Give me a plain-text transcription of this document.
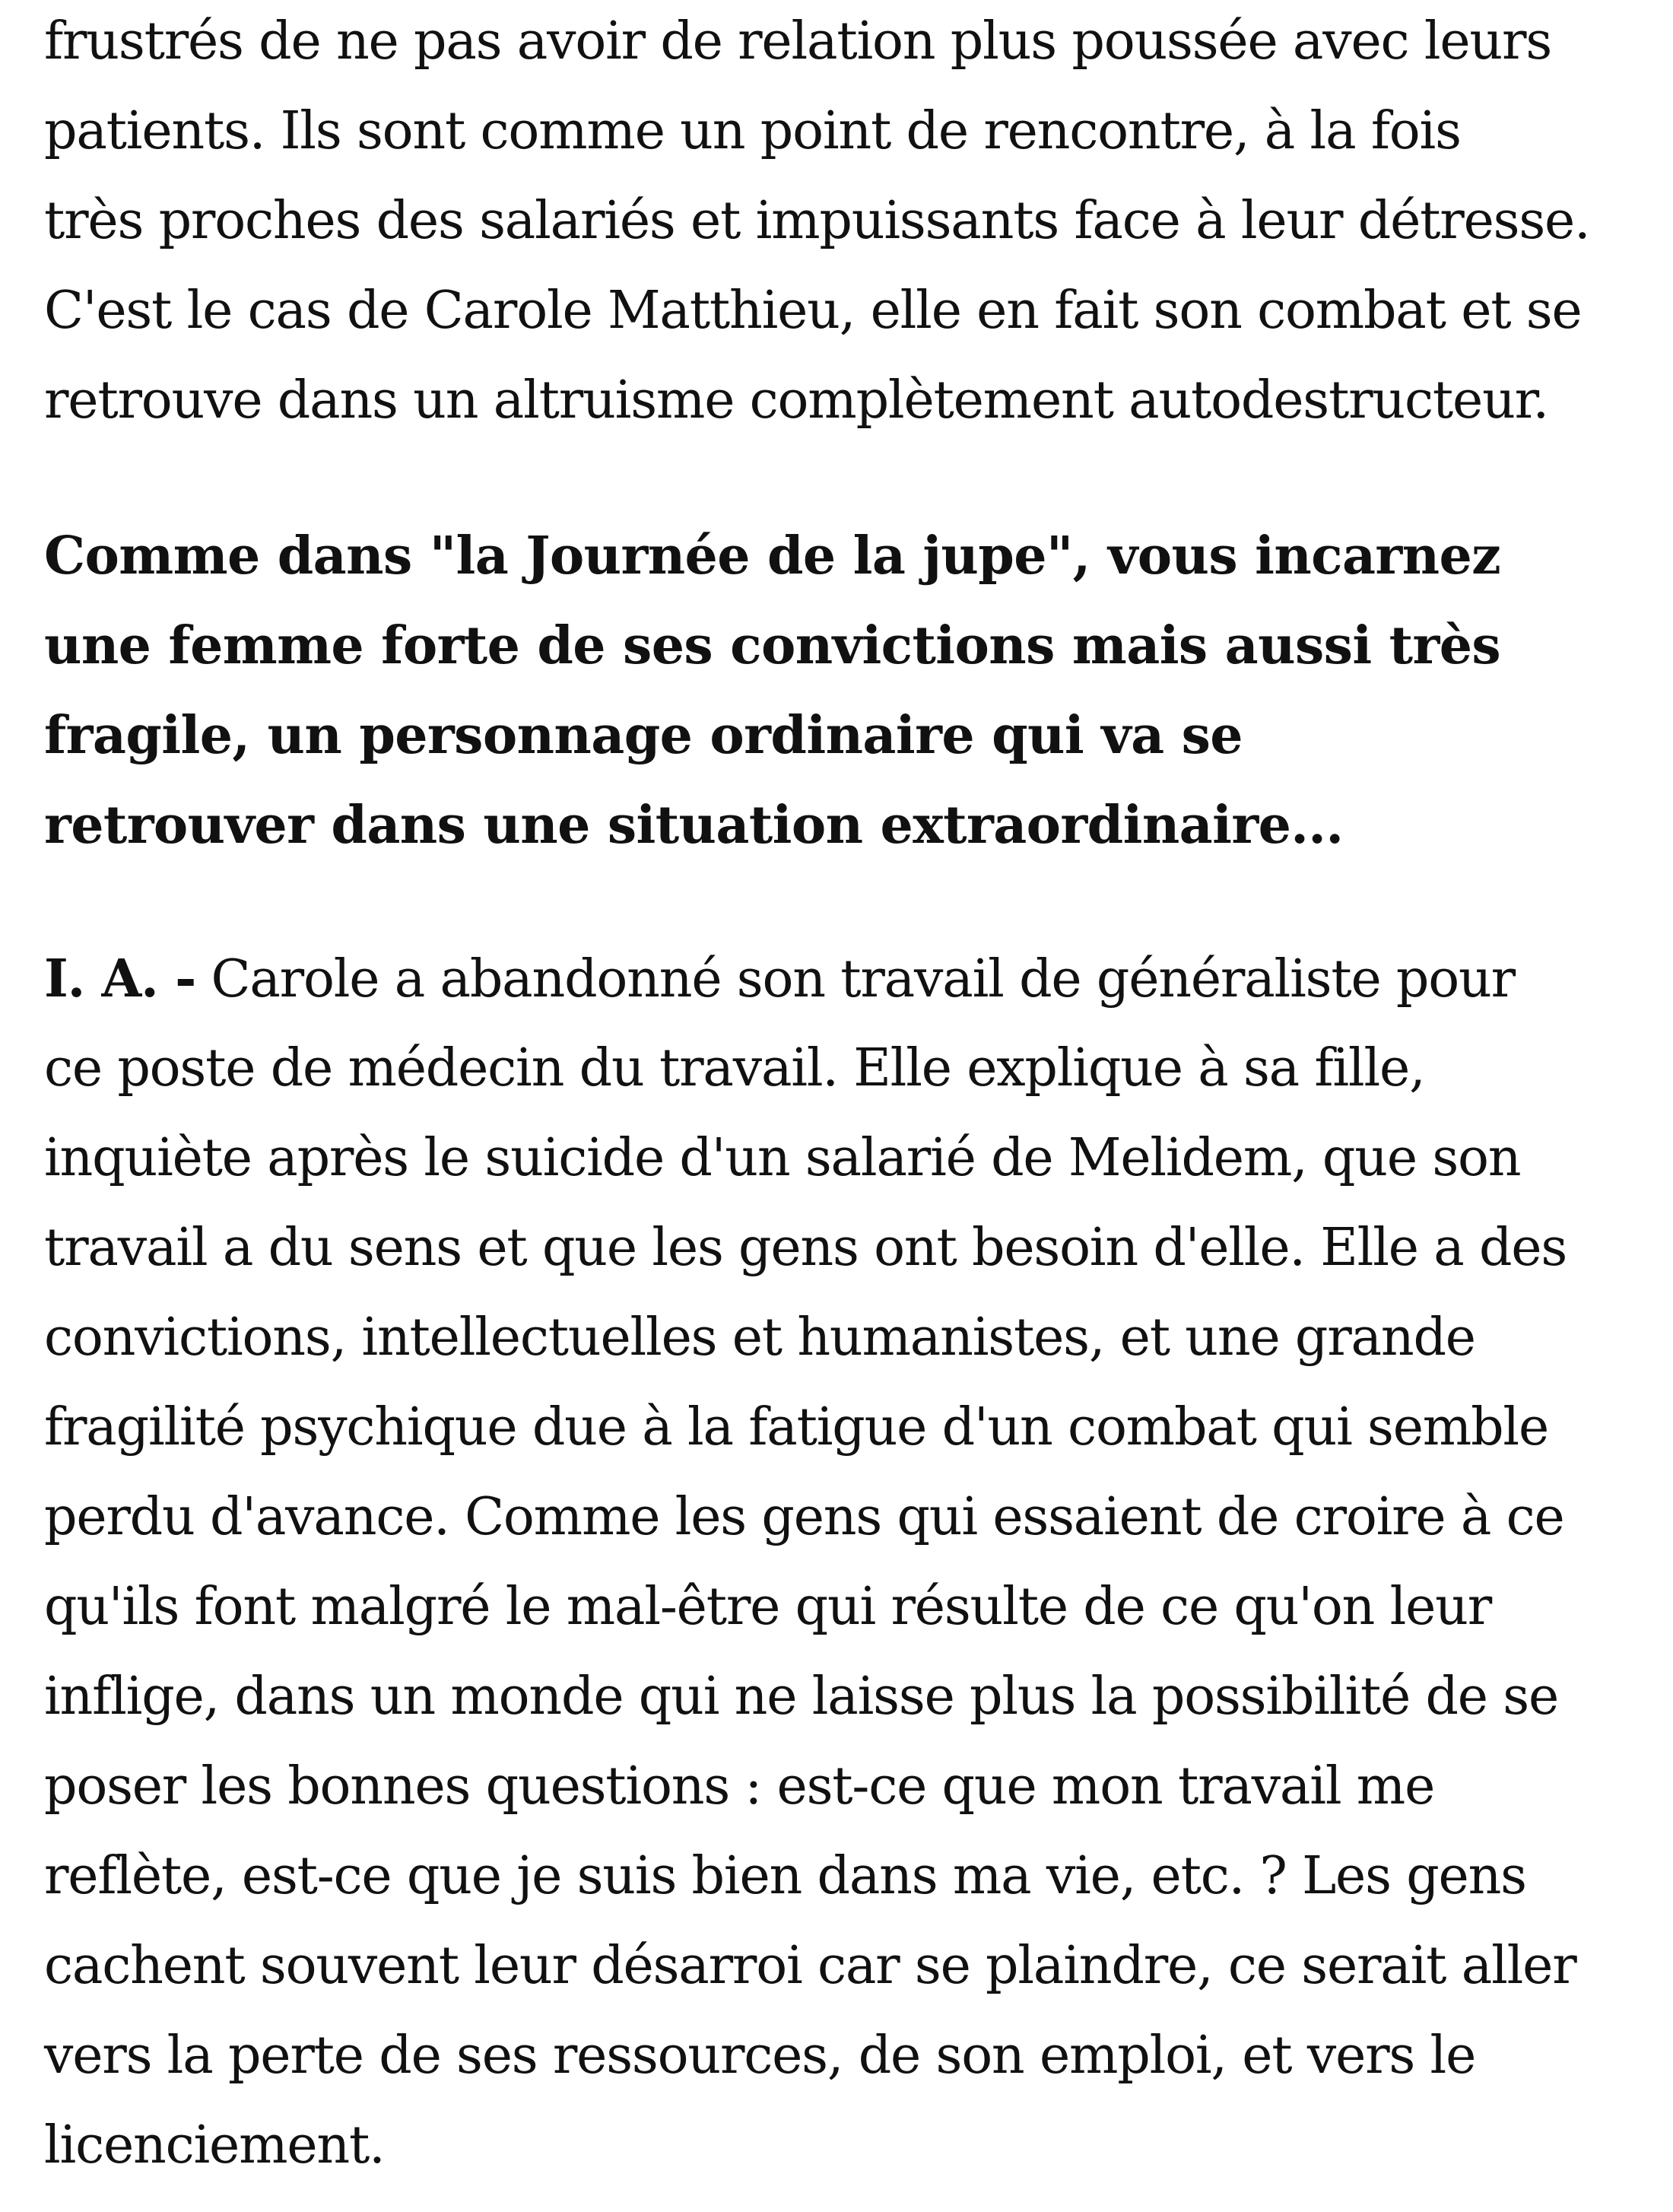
frustrés de ne pas avoir de relation plus poussée avec leurs
patients. Ils sont comme un point de rencontre, à la fois
très proches des salariés et impuissants face à leur détresse.
C'est le cas de Carole Matthieu, elle en fait son combat et se
retrouve dans un altruisme complètement autodestructeur.

Comme dans "la Journée de la jupe", vous incarnez
une femme forte de ses convictions mais aussi très
fragile, un personnage ordinaire qui va se
retrouver dans une situation extraordinaire...

I. A. - Carole a abandonné son travail de généraliste pour
ce poste de médecin du travail. Elle explique à sa fille,
inquiète après le suicide d'un salarié de Melidem, que son
travail a du sens et que les gens ont besoin d'elle. Elle a des
convictions, intellectuelles et humanistes, et une grande
fragilité psychique due à la fatigue d'un combat qui semble
perdu d'avance. Comme les gens qui essaient de croire à ce
qu'ils font malgré le mal-être qui résulte de ce qu'on leur
inflige, dans un monde qui ne laisse plus la possibilité de se
poser les bonnes questions : est-ce que mon travail me
reflète, est-ce que je suis bien dans ma vie, etc. ? Les gens
cachent souvent leur désarroi car se plaindre, ce serait aller
vers la perte de ses ressources, de son emploi, et vers le
licenciement.
